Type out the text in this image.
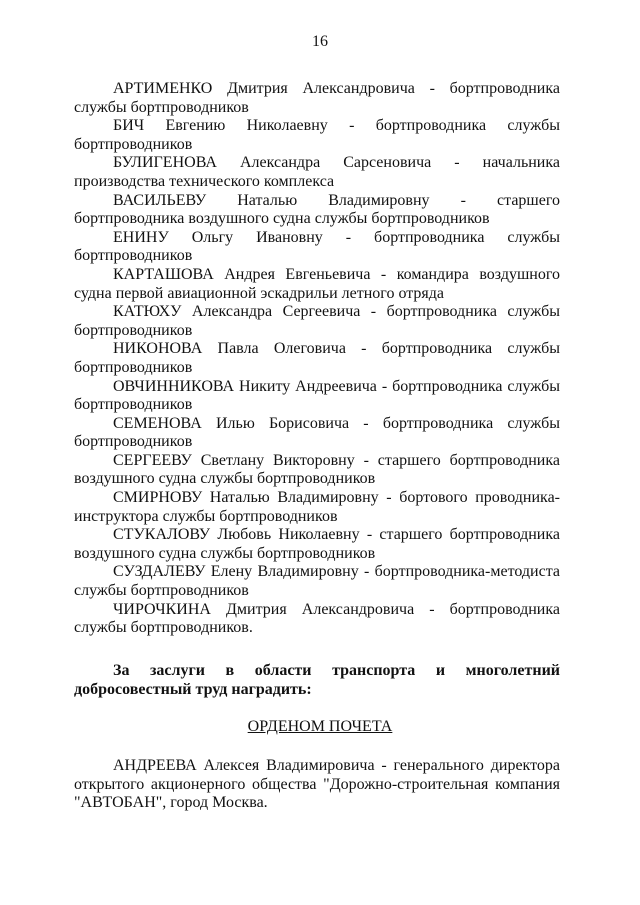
16

АРТИМЕНКО Дмитрия Александровича - бортпроводника службы бортпроводников

БИЧ Евгению Николаевну - бортпроводника службы бортпроводников

БУЛИГЕНОВА Александра Сарсеновича - начальника производства технического комплекса

ВАСИЛЬЕВУ Наталью Владимировну - старшего бортпроводника воздушного судна службы бортпроводников

ЕНИНУ Ольгу Ивановну - бортпроводника службы бортпроводников

КАРТАШОВА Андрея Евгеньевича - командира воздушного судна первой авиационной эскадрильи летного отряда

КАТЮХУ Александра Сергеевича - бортпроводника службы бортпроводников

НИКОНОВА Павла Олеговича - бортпроводника службы бортпроводников

ОВЧИННИКОВА Никиту Андреевича - бортпроводника службы бортпроводников

СЕМЕНОВА Илью Борисовича - бортпроводника службы бортпроводников

СЕРГЕЕВУ Светлану Викторовну - старшего бортпроводника воздушного судна службы бортпроводников

СМИРНОВУ Наталью Владимировну - бортового проводника-инструктора службы бортпроводников

СТУКАЛОВУ Любовь Николаевну - старшего бортпроводника воздушного судна службы бортпроводников

СУЗДАЛЕВУ Елену Владимировну - бортпроводника-методиста службы бортпроводников

ЧИРОЧКИНА Дмитрия Александровича - бортпроводника службы бортпроводников.

За заслуги в области транспорта и многолетний добросовестный труд наградить:

ОРДЕНОМ ПОЧЕТА

АНДРЕЕВА Алексея Владимировича - генерального директора открытого акционерного общества "Дорожно-строительная компания "АВТОБАН", город Москва.
